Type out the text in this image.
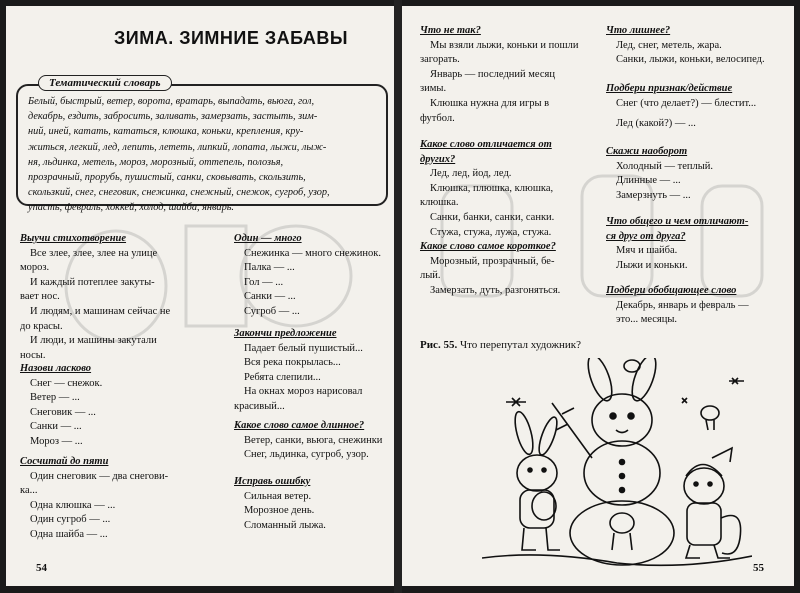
ЗИМА. ЗИМНИЕ ЗАБАВЫ
Тематический словарь
Белый, быстрый, ветер, ворота, вратарь, выпадать, вьюга, гол,
декабрь, ездить, забросить, заливать, замерзать, застыть, зим-
ний, иней, катать, кататься, клюшка, коньки, крепления, кру-
житься, легкий, лед, лепить, лететь, липкий, лопата, лыжи, лыж-
ня, льдинка, метель, мороз, морозный, оттепель, полозья,
прозрачный, прорубь, пушистый, санки, сковывать, скользить,
скользкий, снег, снеговик, снежинка, снежный, снежок, сугроб, узор,
упасть, февраль, хоккей, холод, шайба, январь.
Выучи стихотворение
Все злее, злее, злее на улице
мороз.
И каждый потеплее закуты-
вает нос.
И людям, и машинам сейчас не
до красы.
И люди, и машины закутали
носы.
Назови ласково
Снег — снежок.
Ветер — ...
Снеговик — ...
Санки — ...
Мороз — ...
Сосчитай до пяти
Один снеговик — два снегови-
ка...
Одна клюшка — ...
Один сугроб — ...
Одна шайба — ...
Один — много
Снежинка — много снежинок.
Палка — ...
Гол — ...
Санки — ...
Сугроб — ...
Закончи предложение
Падает белый пушистый...
Вся река покрылась...
Ребята слепили...
На окнах мороз нарисовал
красивый...
Какое слово самое длинное?
Ветер, санки, вьюга, снежинки
Снег, льдинка, сугроб, узор.
Исправь ошибку
Сильная ветер.
Морозное день.
Сломанный лыжа.
54
Что не так?
Мы взяли лыжи, коньки и пошли
загорать.
Январь — последний месяц
зимы.
Клюшка нужна для игры в
футбол.
Какое слово отличается от
других?
Лед, лед, йод, лед.
Клюшка, плюшка, клюшка,
клюшка.
Санки, банки, санки, санки.
Стужа, стужа, лужа, стужа.
Какое слово самое короткое?
Морозный, прозрачный, бе-
лый.
Замерзать, дуть, разгоняться.
Что лишнее?
Лед, снег, метель, жара.
Санки, лыжи, коньки, велосипед.
Подбери признак/действие
Снег (что делает?) — блестит...
Лед (какой?) — ...
Скажи наоборот
Холодный — теплый.
Длинные — ...
Замерзнуть — ...
Что общего и чем отличают-
ся друг от друга?
Мяч и шайба.
Лыжи и коньки.
Подбери обобщающее слово
Декабрь, январь и февраль —
это... месяцы.
Рис. 55. Что перепутал художник?
55
